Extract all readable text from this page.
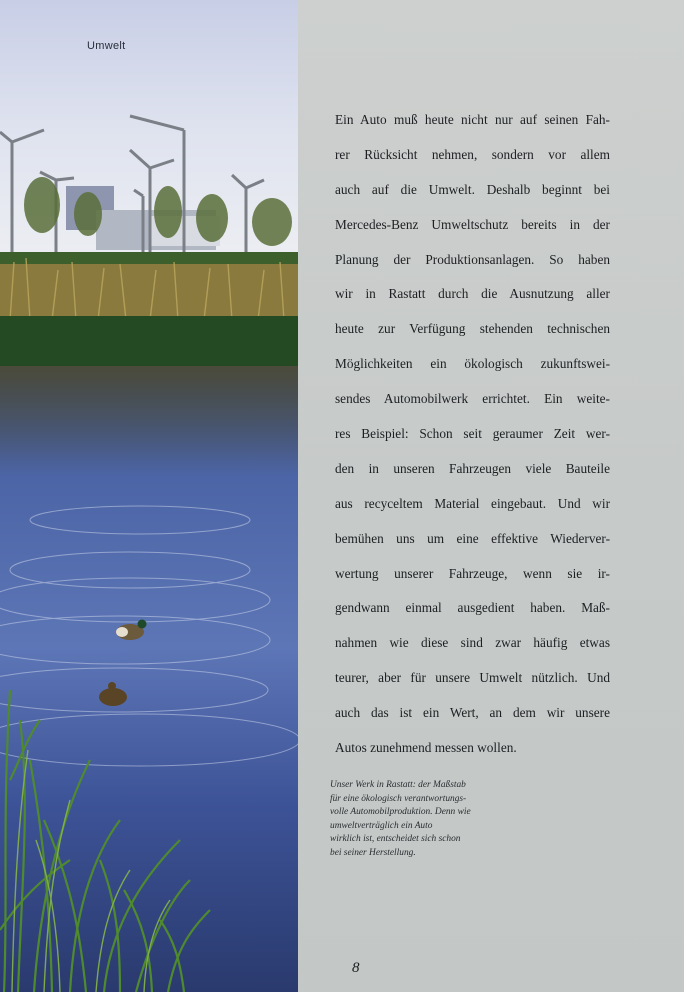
Umwelt
Ein Auto muß heute nicht nur auf seinen Fah-
rer Rücksicht nehmen, sondern vor allem
auch auf die Umwelt. Deshalb beginnt bei
Mercedes-Benz Umweltschutz bereits in der
Planung der Produktionsanlagen. So haben
wir in Rastatt durch die Ausnutzung aller
heute zur Verfügung stehenden technischen
Möglichkeiten ein ökologisch zukunftswei-
sendes Automobilwerk errichtet. Ein weite-
res Beispiel: Schon seit geraumer Zeit wer-
den in unseren Fahrzeugen viele Bauteile
aus recyceltem Material eingebaut. Und wir
bemühen uns um eine effektive Wiederver-
wertung unserer Fahrzeuge, wenn sie ir-
gendwann einmal ausgedient haben. Maß-
nahmen wie diese sind zwar häufig etwas
teurer, aber für unsere Umwelt nützlich. Und
auch das ist ein Wert, an dem wir unsere
Autos zunehmend messen wollen.
Unser Werk in Rastatt: der Maßstab
für eine ökologisch verantwortungs-
volle Automobilproduktion. Denn wie
umweltverträglich ein Auto
wirklich ist, entscheidet sich schon
bei seiner Herstellung.
8
